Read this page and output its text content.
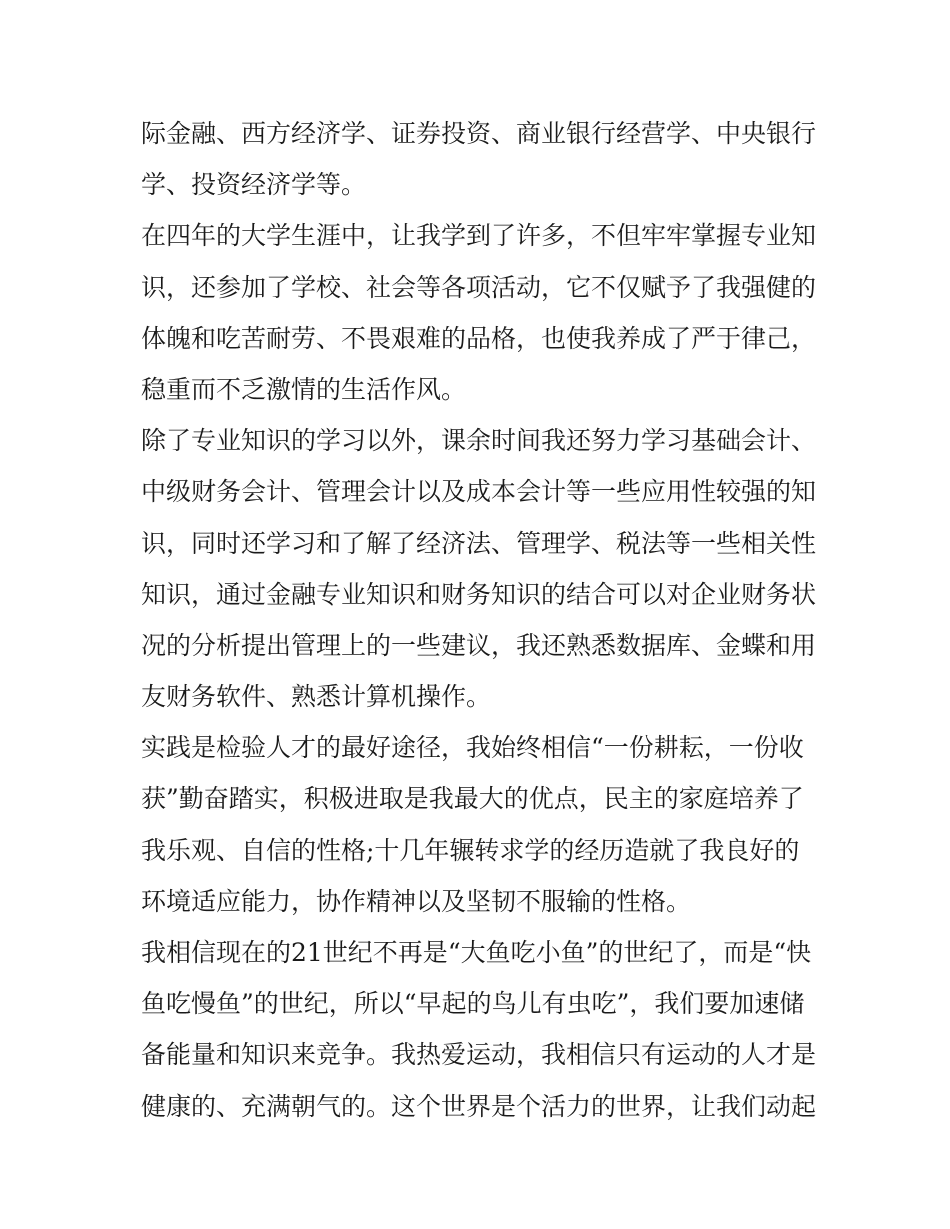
际金融、西方经济学、证券投资、商业银行经营学、中央银行
学、投资经济学等。
在四年的大学生涯中，让我学到了许多，不但牢牢掌握专业知
识，还参加了学校、社会等各项活动，它不仅赋予了我强健的
体魄和吃苦耐劳、不畏艰难的品格，也使我养成了严于律己，
稳重而不乏激情的生活作风。
除了专业知识的学习以外，课余时间我还努力学习基础会计、
中级财务会计、管理会计以及成本会计等一些应用性较强的知
识，同时还学习和了解了经济法、管理学、税法等一些相关性
知识，通过金融专业知识和财务知识的结合可以对企业财务状
况的分析提出管理上的一些建议，我还熟悉数据库、金蝶和用
友财务软件、熟悉计算机操作。
实践是检验人才的最好途径，我始终相信“一份耕耘，一份收
获”勤奋踏实，积极进取是我最大的优点，民主的家庭培养了
我乐观、自信的性格;十几年辗转求学的经历造就了我良好的
环境适应能力，协作精神以及坚韧不服输的性格。
我相信现在的21世纪不再是“大鱼吃小鱼”的世纪了，而是“快
鱼吃慢鱼”的世纪，所以“早起的鸟儿有虫吃”，我们要加速储
备能量和知识来竞争。我热爱运动，我相信只有运动的人才是
健康的、充满朝气的。这个世界是个活力的世界，让我们动起
